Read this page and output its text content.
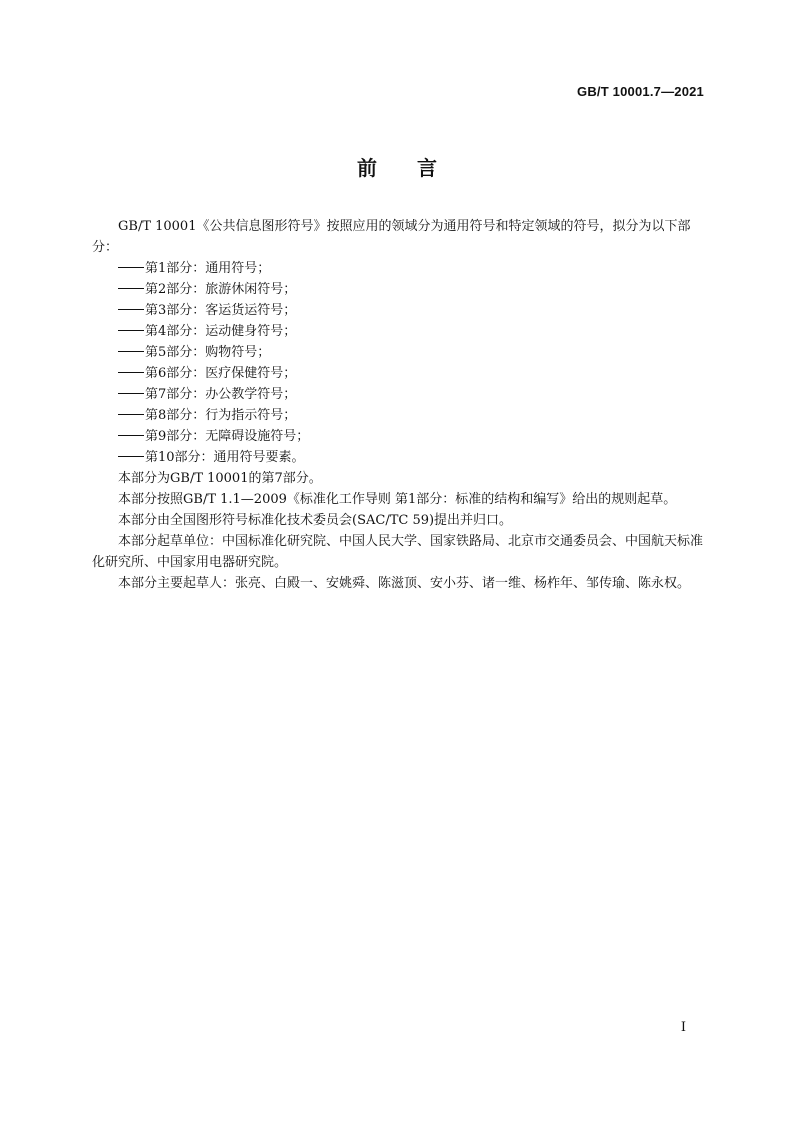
GB/T 10001.7—2021
前言

GB/T 10001《公共信息图形符号》按照应用的领域分为通用符号和特定领域的符号，拟分为以下部分：

第1部分：通用符号；
第2部分：旅游休闲符号；
第3部分：客运货运符号；
第4部分：运动健身符号；
第5部分：购物符号；
第6部分：医疗保健符号；
第7部分：办公教学符号；
第8部分：行为指示符号；
第9部分：无障碍设施符号；
第10部分：通用符号要素。

本部分为GB/T 10001的第7部分。

本部分按照GB/T 1.1—2009《标准化工作导则 第1部分：标准的结构和编写》给出的规则起草。

本部分由全国图形符号标准化技术委员会(SAC/TC 59)提出并归口。

本部分起草单位：中国标准化研究院、中国人民大学、国家铁路局、北京市交通委员会、中国航天标准化研究所、中国家用电器研究院。

本部分主要起草人：张亮、白殿一、安姚舜、陈滋顶、安小芬、诸一维、杨柞年、邹传瑜、陈永权。

I
